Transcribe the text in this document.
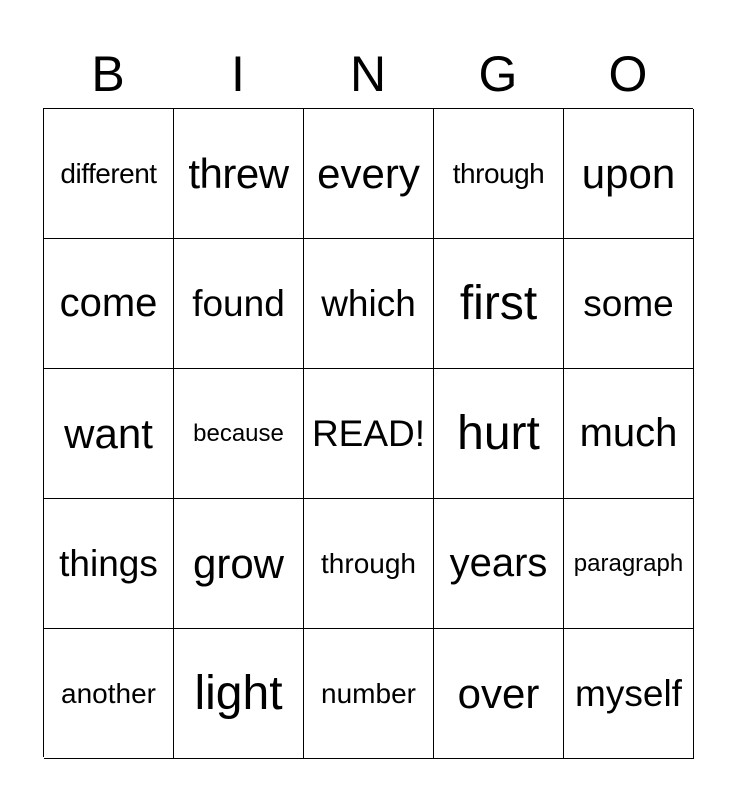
B	I	N	G	O
different threw every	through upon
come found which first	some
want	because READ! hurt much
things grow	through years	paragraph
another light	number over myself
